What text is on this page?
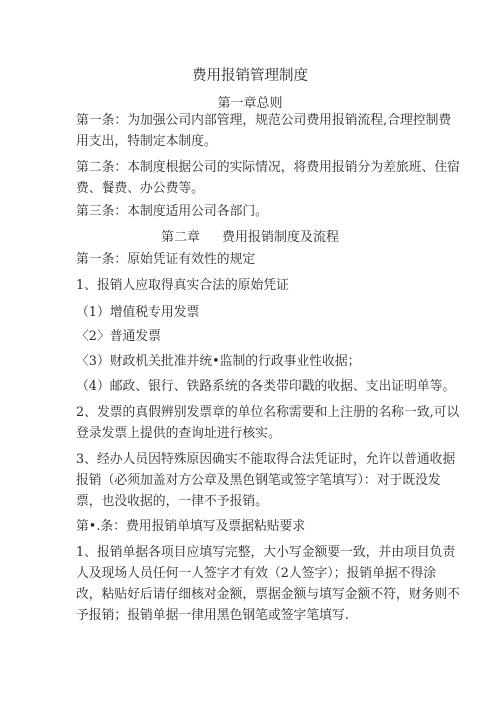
费用报销管理制度
第一章总则
第一条：为加强公司内部管理，规范公司费用报销流程,合理控制费
用支出，特制定本制度。
第二条：本制度根据公司的实际情况，将费用报销分为差旅班、住宿
费、餐费、办公费等。
第三条：本制度适用公司各部门。
第二章 费用报销制度及流程
第一条：原始凭证有效性的规定
1、报销人应取得真实合法的原始凭证
（1）增值税专用发票
〈2〉普通发票
〈3）财政机关批准并统•监制的行政事业性收据；
（4）邮政、银行、铁路系统的各类带印戳的收据、支出证明单等。
2、发票的真假辨别发票章的单位名称需要和上注册的名称一致,可以
登录发票上提供的查询址进行核实。
3、经办人员因特殊原因确实不能取得合法凭证时，允许以普通收据
报销（必须加盖对方公章及黑色钢笔或签字笔填写）：对于既没发
票，也没收据的，一律不予报销。
第•.条：费用报销单填写及票据粘贴要求
1、报销单据各项目应填写完整，大小写金额要一致，并由项目负责
人及现场人员任何一人签字才有效（2人签字）；报销单据不得涂
改，粘贴好后请仔细核对金额，票据金额与填写金额不符，财务则不
予报销；报销单据一律用黑色钢笔或签字笔填写.
